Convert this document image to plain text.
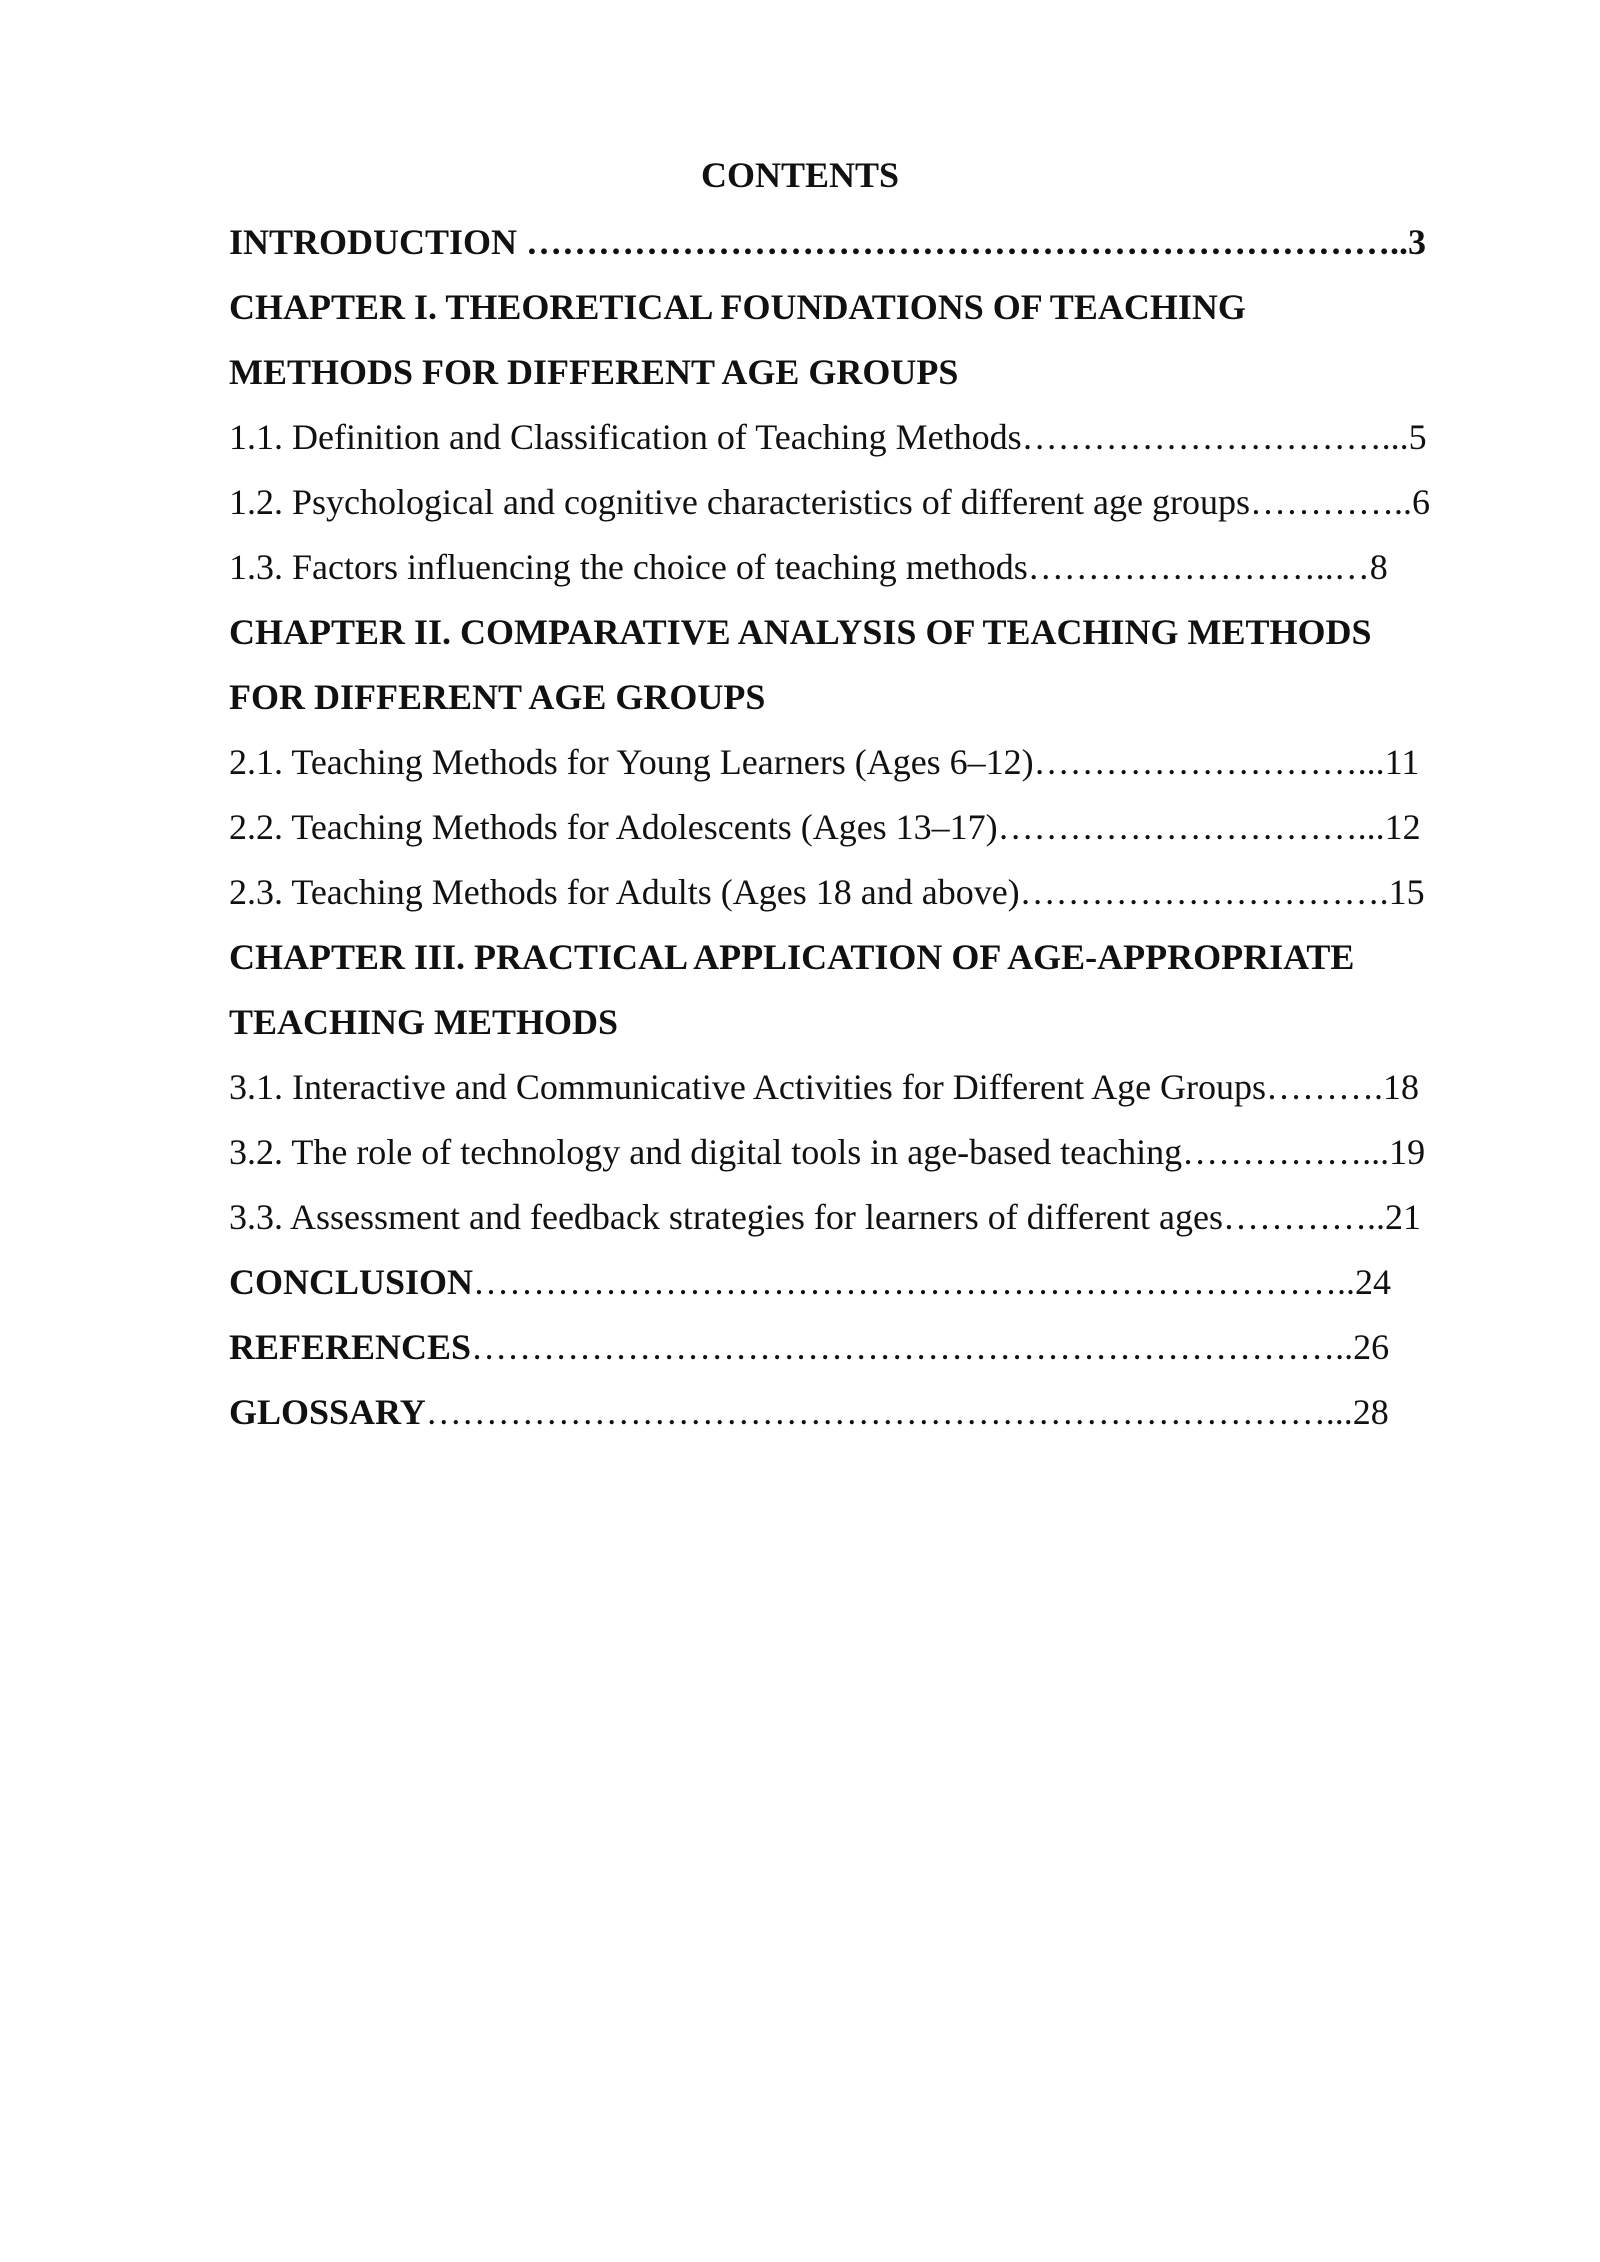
CONTENTS
INTRODUCTION ………………………………………………………………..3
CHAPTER I. THEORETICAL FOUNDATIONS OF TEACHING
METHODS FOR DIFFERENT AGE GROUPS
1.1. Definition and Classification of Teaching Methods…………………………...5
1.2. Psychological and cognitive characteristics of different age groups…………..6
1.3. Factors influencing the choice of teaching methods……………………..…8
CHAPTER II. COMPARATIVE ANALYSIS OF TEACHING METHODS
FOR DIFFERENT AGE GROUPS
2.1. Teaching Methods for Young Learners (Ages 6–12)………………………...11
2.2. Teaching Methods for Adolescents (Ages 13–17)…………………………...12
2.3. Teaching Methods for Adults (Ages 18 and above)………………………….15
CHAPTER III. PRACTICAL APPLICATION OF AGE-APPROPRIATE
TEACHING METHODS
3.1. Interactive and Communicative Activities for Different Age Groups……….18
3.2. The role of technology and digital tools in age-based teaching……………...19
3.3. Assessment and feedback strategies for learners of different ages…………..21
CONCLUSION………………………………………………………………..24
REFERENCES………………………………………………………………..26
GLOSSARY…………………………………………………………………...28
